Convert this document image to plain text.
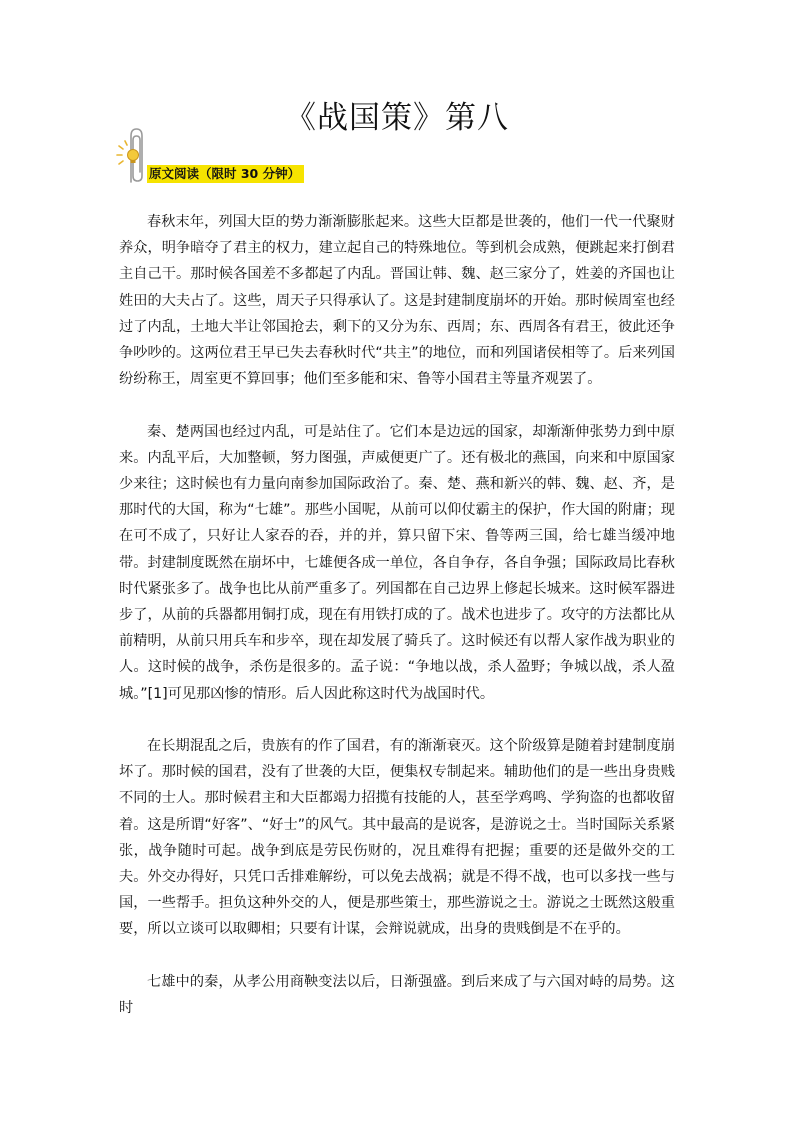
《战国策》第八
原文阅读（限时 30 分钟）

春秋末年，列国大臣的势力渐渐膨胀起来。这些大臣都是世袭的，他们一代一代聚财养众，明争暗夺了君主的权力，建立起自己的特殊地位。等到机会成熟，便跳起来打倒君主自己干。那时候各国差不多都起了内乱。晋国让韩、魏、赵三家分了，姓姜的齐国也让姓田的大夫占了。这些，周天子只得承认了。这是封建制度崩坏的开始。那时候周室也经过了内乱，土地大半让邻国抢去，剩下的又分为东、西周；东、西周各有君王，彼此还争争吵吵的。这两位君王早已失去春秋时代“共主”的地位，而和列国诸侯相等了。后来列国纷纷称王，周室更不算回事；他们至多能和宋、鲁等小国君主等量齐观罢了。

秦、楚两国也经过内乱，可是站住了。它们本是边远的国家，却渐渐伸张势力到中原来。内乱平后，大加整顿，努力图强，声威便更广了。还有极北的燕国，向来和中原国家少来往；这时候也有力量向南参加国际政治了。秦、楚、燕和新兴的韩、魏、赵、齐，是那时代的大国，称为“七雄”。那些小国呢，从前可以仰仗霸主的保护，作大国的附庸；现在可不成了，只好让人家吞的吞，并的并，算只留下宋、鲁等两三国，给七雄当缓冲地带。封建制度既然在崩坏中，七雄便各成一单位，各自争存，各自争强；国际政局比春秋时代紧张多了。战争也比从前严重多了。列国都在自己边界上修起长城来。这时候军器进步了，从前的兵器都用铜打成，现在有用铁打成的了。战术也进步了。攻守的方法都比从前精明，从前只用兵车和步卒，现在却发展了骑兵了。这时候还有以帮人家作战为职业的人。这时候的战争，杀伤是很多的。孟子说：“争地以战，杀人盈野；争城以战，杀人盈城。”[1]可见那凶惨的情形。后人因此称这时代为战国时代。

在长期混乱之后，贵族有的作了国君，有的渐渐衰灭。这个阶级算是随着封建制度崩坏了。那时候的国君，没有了世袭的大臣，便集权专制起来。辅助他们的是一些出身贵贱不同的士人。那时候君主和大臣都竭力招揽有技能的人，甚至学鸡鸣、学狗盗的也都收留着。这是所谓“好客”、“好士”的风气。其中最高的是说客，是游说之士。当时国际关系紧张，战争随时可起。战争到底是劳民伤财的，况且难得有把握；重要的还是做外交的工夫。外交办得好，只凭口舌排难解纷，可以免去战祸；就是不得不战，也可以多找一些与国，一些帮手。担负这种外交的人，便是那些策士，那些游说之士。游说之士既然这般重要，所以立谈可以取卿相；只要有计谋，会辩说就成，出身的贵贱倒是不在乎的。

七雄中的秦，从孝公用商鞅变法以后，日渐强盛。到后来成了与六国对峙的局势。这时
